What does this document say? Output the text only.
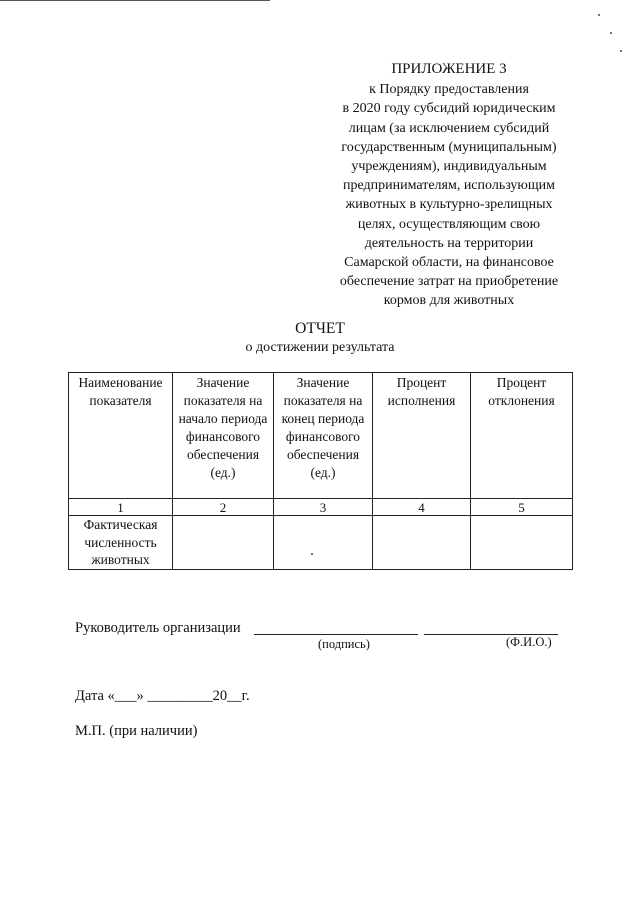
ПРИЛОЖЕНИЕ 3
к Порядку предоставления
в 2020 году субсидий юридическим
лицам (за исключением субсидий
государственным (муниципальным)
учреждениям), индивидуальным
предпринимателям, использующим
животных в культурно-зрелищных
целях, осуществляющим свою
деятельность на территории
Самарской области, на финансовое
обеспечение затрат на приобретение
кормов для животных
ОТЧЕТ
о достижении результата
Наименование показателя	Значение показателя на начало периода финансового обеспечения (ед.)	Значение показателя на конец периода финансового обеспечения (ед.)	Процент исполнения	Процент отклонения
1	2	3	4	5
Фактическая численность животных				
Руководитель организации
(подпись)	(Ф.И.О.)
Дата «___» _________20__г.
М.П. (при наличии)
